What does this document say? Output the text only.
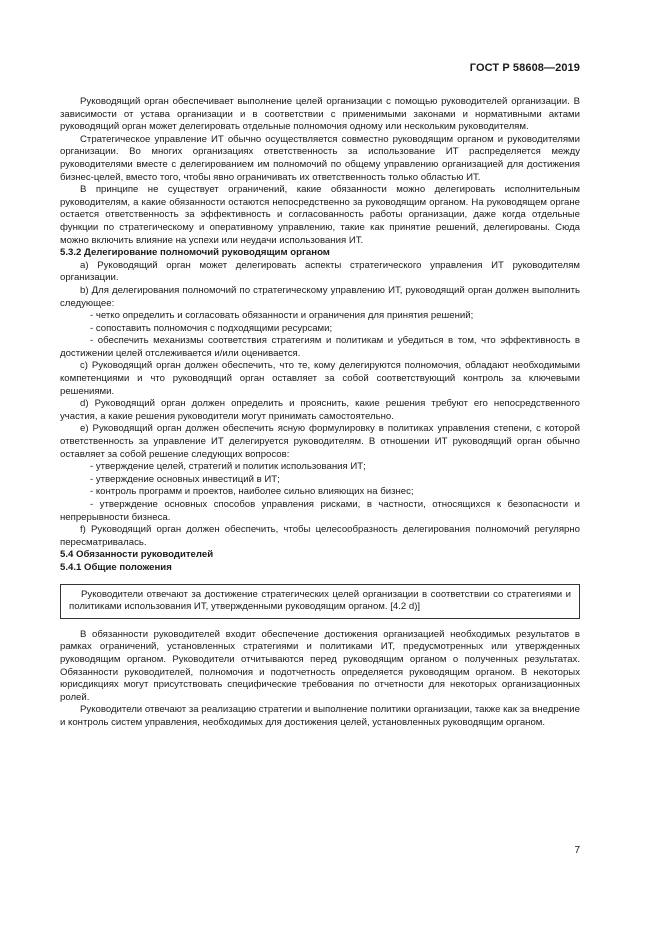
ГОСТ Р 58608—2019

Руководящий орган обеспечивает выполнение целей организации с помощью руководителей организации. В зависимости от устава организации и в соответствии с применимыми законами и нормативными актами руководящий орган может делегировать отдельные полномочия одному или нескольким руководителям.

Стратегическое управление ИТ обычно осуществляется совместно руководящим органом и руководителями организации. Во многих организациях ответственность за использование ИТ распределяется между руководителями вместе с делегированием им полномочий по общему управлению организацией для достижения бизнес-целей, вместо того, чтобы явно ограничивать их ответственность только областью ИТ.

В принципе не существует ограничений, какие обязанности можно делегировать исполнительным руководителям, а какие обязанности остаются непосредственно за руководящим органом. На руководящем органе остается ответственность за эффективность и согласованность работы организации, даже когда отдельные функции по стратегическому и оперативному управлению, такие как принятие решений, делегированы. Сюда можно включить влияние на успехи или неудачи использования ИТ.

5.3.2 Делегирование полномочий руководящим органом

a) Руководящий орган может делегировать аспекты стратегического управления ИТ руководителям организации.

b) Для делегирования полномочий по стратегическому управлению ИТ, руководящий орган должен выполнить следующее:

- четко определить и согласовать обязанности и ограничения для принятия решений;

- сопоставить полномочия с подходящими ресурсами;

- обеспечить механизмы соответствия стратегиям и политикам и убедиться в том, что эффективность в достижении целей отслеживается и/или оценивается.

c) Руководящий орган должен обеспечить, что те, кому делегируются полномочия, обладают необходимыми компетенциями и что руководящий орган оставляет за собой соответствующий контроль за ключевыми решениями.

d) Руководящий орган должен определить и прояснить, какие решения требуют его непосредственного участия, а какие решения руководители могут принимать самостоятельно.

e) Руководящий орган должен обеспечить ясную формулировку в политиках управления степени, с которой ответственность за управление ИТ делегируется руководителям. В отношении ИТ руководящий орган обычно оставляет за собой решение следующих вопросов:

- утверждение целей, стратегий и политик использования ИТ;

- утверждение основных инвестиций в ИТ;

- контроль программ и проектов, наиболее сильно влияющих на бизнес;

- утверждение основных способов управления рисками, в частности, относящихся к безопасности и непрерывности бизнеса.

f) Руководящий орган должен обеспечить, чтобы целесообразность делегирования полномочий регулярно пересматривалась.

5.4 Обязанности руководителей

5.4.1 Общие положения

Руководители отвечают за достижение стратегических целей организации в соответствии со стратегиями и политиками использования ИТ, утвержденными руководящим органом. [4.2 d)]

В обязанности руководителей входит обеспечение достижения организацией необходимых результатов в рамках ограничений, установленных стратегиями и политиками ИТ, предусмотренных или утвержденных руководящим органом. Руководители отчитываются перед руководящим органом о полученных результатах. Обязанности руководителей, полномочия и подотчетность определяется руководящим органом. В некоторых юрисдикциях могут присутствовать специфические требования по отчетности для некоторых организационных ролей.

Руководители отвечают за реализацию стратегии и выполнение политики организации, также как за внедрение и контроль систем управления, необходимых для достижения целей, установленных руководящим органом.

7
